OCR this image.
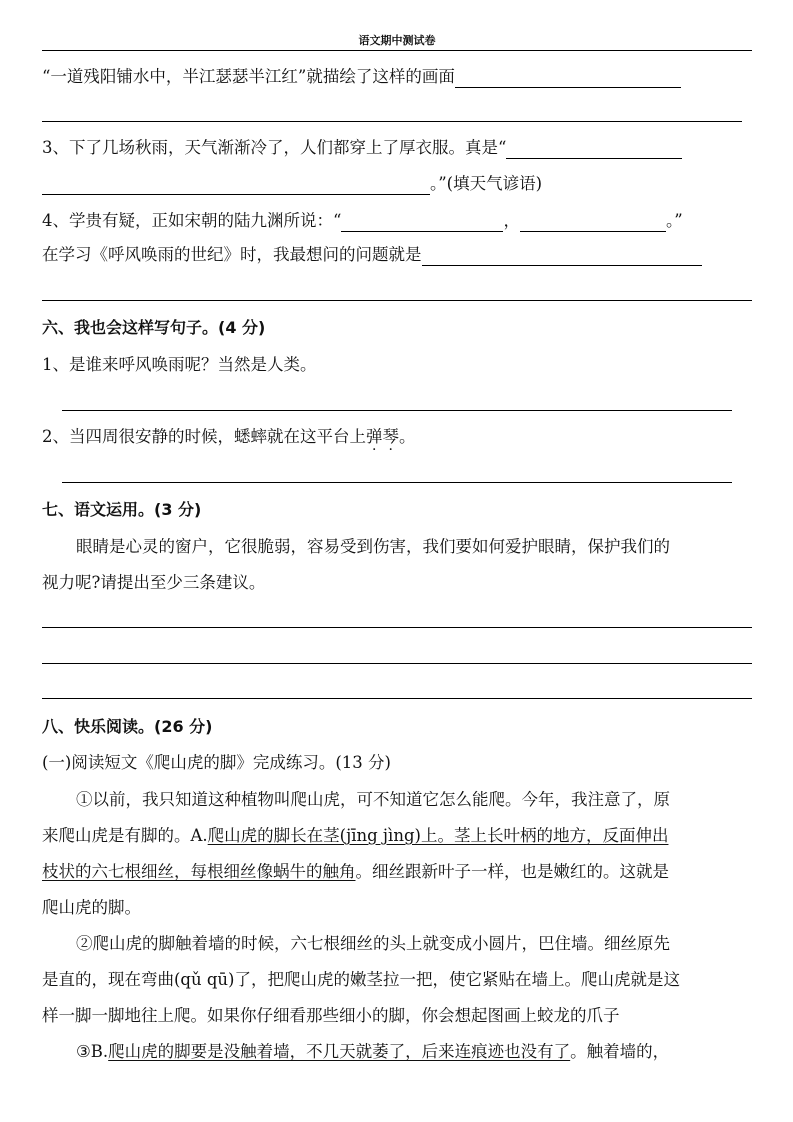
语文期中测试卷
“一道残阳铺水中，半江瑟瑟半江红”就描绘了这样的画面
3、下了几场秋雨，天气渐渐冷了，人们都穿上了厚衣服。真是“
。”(填天气谚语)
4、学贵有疑，正如宋朝的陆九渊所说：“	，	。”
在学习《呼风唤雨的世纪》时，我最想问的问题就是
六、我也会这样写句子。(4 分)
1、是谁来呼风唤雨呢？当然是人类。
2、当四周很安静的时候，蟋蟀就在这平台上弹琴。
七、语文运用。(3 分)
眼睛是心灵的窗户，它很脆弱，容易受到伤害，我们要如何爱护眼睛，保护我们的
视力呢?请提出至少三条建议。
八、快乐阅读。(26 分)
(一)阅读短文《爬山虎的脚》完成练习。(13 分)
①以前，我只知道这种植物叫爬山虎，可不知道它怎么能爬。今年，我注意了，原
来爬山虎是有脚的。A.爬山虎的脚长在茎(jīng jìng)上。茎上长叶柄的地方，反面伸出
枝状的六七根细丝，每根细丝像蜗牛的触角。细丝跟新叶子一样，也是嫩红的。这就是
爬山虎的脚。
②爬山虎的脚触着墙的时候，六七根细丝的头上就变成小圆片，巴住墙。细丝原先
是直的，现在弯曲(qǔ qū)了，把爬山虎的嫩茎拉一把，使它紧贴在墙上。爬山虎就是这
样一脚一脚地往上爬。如果你仔细看那些细小的脚，你会想起图画上蛟龙的爪子
③B.爬山虎的脚要是没触着墙，不几天就萎了，后来连痕迹也没有了。触着墙的，
